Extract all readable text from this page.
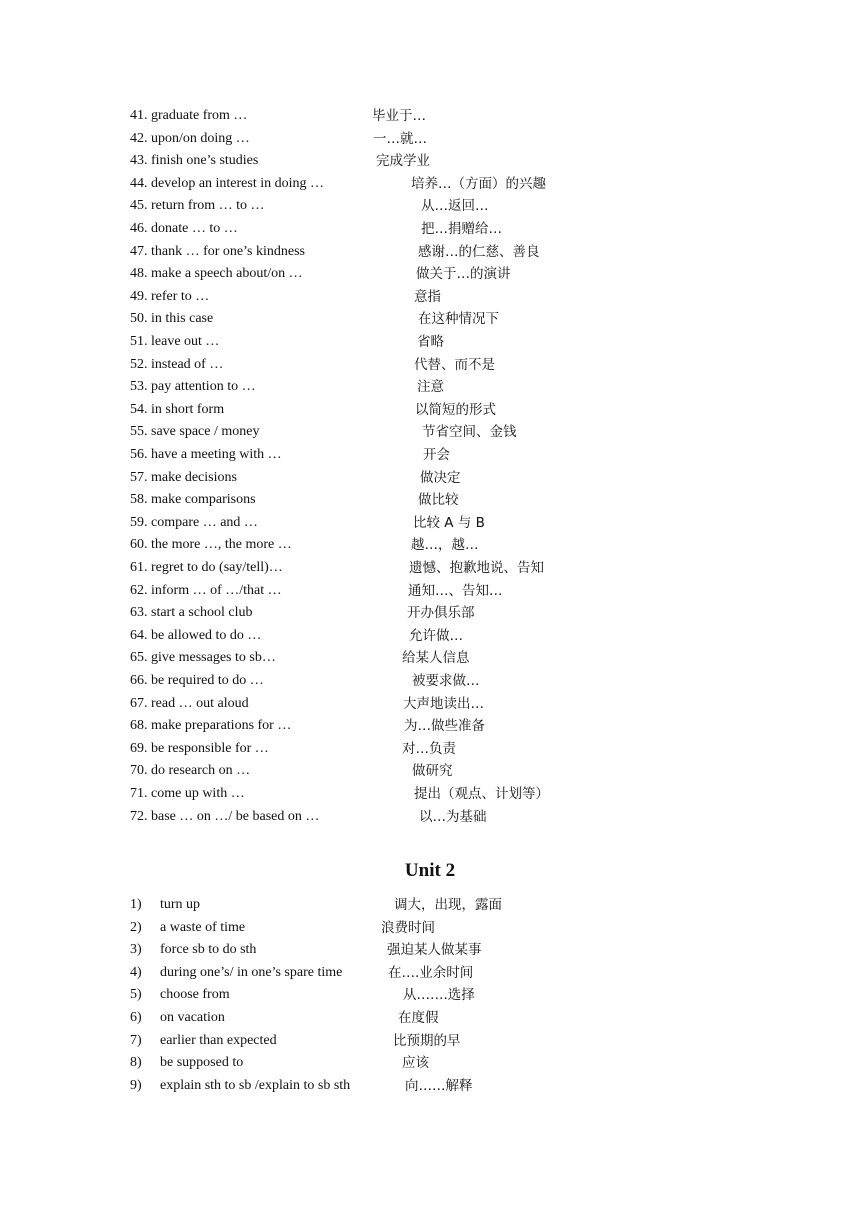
41. graduate from …	毕业于…
42. upon/on doing …	一…就…
43. finish one’s studies	完成学业
44. develop an interest in doing …	培养…（方面）的兴趣
45. return from … to …	从…返回…
46. donate … to …	把…捐赠给…
47. thank … for one’s kindness	感谢…的仁慈、善良
48. make a speech about/on …	做关于…的演讲
49. refer to …	意指
50. in this case	在这种情况下
51. leave out …	省略
52. instead of …	代替、而不是
53. pay attention to …	注意
54. in short form	以简短的形式
55. save space / money	节省空间、金钱
56. have a meeting with …	开会
57. make decisions	做决定
58. make comparisons	做比较
59. compare … and …	比较 A 与 B
60. the more …, the more …	越…，越…
61. regret to do (say/tell)…	遗憾、抱歉地说、告知
62. inform … of …/that …	通知…、告知…
63. start a school club	开办俱乐部
64. be allowed to do …	允许做…
65. give messages to sb…	给某人信息
66. be required to do …	被要求做…
67. read … out aloud	大声地读出…
68. make preparations for …	为…做些准备
69. be responsible for …	对…负责
70. do research on …	做研究
71. come up with …	提出（观点、计划等）
72. base … on …/ be based on …	以…为基础
Unit 2
1) turn up	调大，出现，露面
2) a waste of time	浪费时间
3) force sb to do sth	强迫某人做某事
4) during one’s/ in one’s spare time	在….业余时间
5) choose from	从…….选择
6) on vacation	在度假
7) earlier than expected	比预期的早
8) be supposed to	应该
9) explain sth to sb /explain to sb sth	向……解释
